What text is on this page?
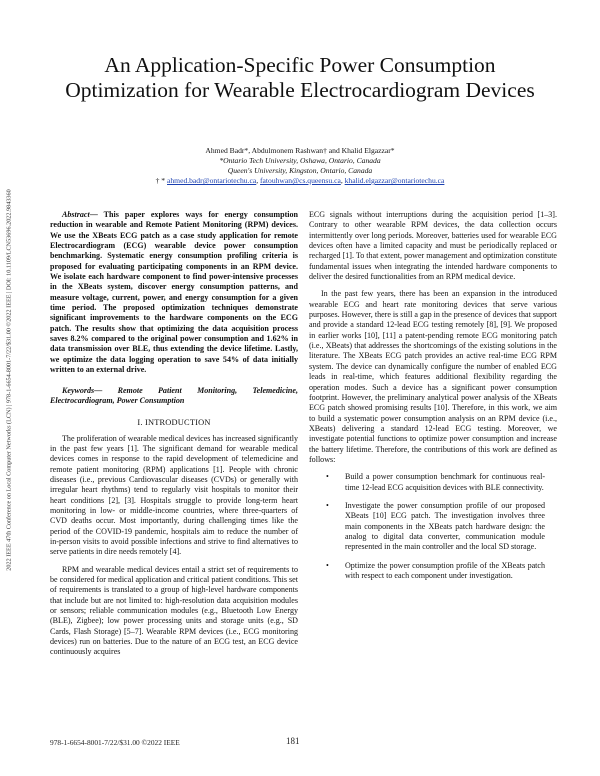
2022 IEEE 47th Conference on Local Computer Networks (LCN) | 978-1-6654-8001-7/22/$31.00 ©2022 IEEE | DOI: 10.1109/LCN53696.2022.9843360
An Application-Specific Power Consumption Optimization for Wearable Electrocardiogram Devices
Ahmed Badr*, Abdulmonem Rashwan† and Khalid Elgazzar*
*Ontario Tech University, Oshawa, Ontario, Canada
Queen's University, Kingston, Ontario, Canada
† * ahmed.badr@ontariotechu.ca, fatouhwan@cs.queensu.ca, khalid.elgazzar@ontariotechu.ca

Abstract— This paper explores ways for energy consumption reduction in wearable and Remote Patient Monitoring (RPM) devices. We use the XBeats ECG patch as a case study application for remote Electrocardiogram (ECG) wearable device power consumption benchmarking. Systematic energy consumption profiling criteria is proposed for evaluating participating components in an RPM device. We isolate each hardware component to find power-intensive processes in the XBeats system, discover energy consumption patterns, and measure voltage, current, power, and energy consumption for a given time period. The proposed optimization techniques demonstrate significant improvements to the hardware components on the ECG patch. The results show that optimizing the data acquisition process saves 8.2% compared to the original power consumption and 1.62% in data transmission over BLE, thus extending the device lifetime. Lastly, we optimize the data logging operation to save 54% of data initially written to an external drive.

Keywords— Remote Patient Monitoring, Telemedicine, Electrocardiogram, Power Consumption

I. INTRODUCTION

The proliferation of wearable medical devices has increased significantly in the past few years [1]. The significant demand for wearable medical devices comes in response to the rapid development of telemedicine and remote patient monitoring (RPM) applications [1]. People with chronic diseases (i.e., previous Cardiovascular diseases (CVDs) or generally with irregular heart rhythms) tend to regularly visit hospitals to monitor their heart conditions [2], [3]. Hospitals struggle to provide long-term heart monitoring in low- or middle-income countries, where three-quarters of CVD deaths occur. Most importantly, during challenging times like the period of the COVID-19 pandemic, hospitals aim to reduce the number of in-person visits to avoid possible infections and strive to find alternatives to serve patients in dire needs remotely [4].

RPM and wearable medical devices entail a strict set of requirements to be considered for medical application and critical patient conditions. This set of requirements is translated to a group of high-level hardware components that include but are not limited to: high-resolution data acquisition modules or sensors; reliable communication modules (e.g., Bluetooth Low Energy (BLE), Zigbee); low power processing units and storage units (e.g., SD Cards, Flash Storage) [5–7]. Wearable RPM devices (i.e., ECG monitoring devices) run on batteries. Due to the nature of an ECG test, an ECG device continuously acquires

ECG signals without interruptions during the acquisition period [1–3]. Contrary to other wearable RPM devices, the data collection occurs intermittently over long periods. Moreover, batteries used for wearable ECG devices often have a limited capacity and must be periodically replaced or recharged [1]. To that extent, power management and optimization constitute fundamental issues when integrating the intended hardware components to deliver the desired functionalities from an RPM medical device.

In the past few years, there has been an expansion in the introduced wearable ECG and heart rate monitoring devices that serve various purposes. However, there is still a gap in the presence of devices that support and provide a standard 12-lead ECG testing remotely [8], [9]. We proposed in earlier works [10], [11] a patent-pending remote ECG monitoring patch (i.e., XBeats) that addresses the shortcomings of the existing solutions in the literature. The XBeats ECG patch provides an active real-time ECG RPM system. The device can dynamically configure the number of enabled ECG leads in real-time, which features additional flexibility regarding the operation modes. Such a device has a significant power consumption footprint. However, the preliminary analytical power analysis of the XBeats ECG patch showed promising results [10]. Therefore, in this work, we aim to build a systematic power consumption analysis on an RPM device (i.e., XBeats) delivering a standard 12-lead ECG testing. Moreover, we investigate potential functions to optimize power consumption and increase the battery lifetime. Therefore, the contributions of this work are defined as follows:

• Build a power consumption benchmark for continuous real-time 12-lead ECG acquisition devices with BLE connectivity.
• Investigate the power consumption profile of our proposed XBeats [10] ECG patch. The investigation involves three main components in the XBeats patch hardware design: the analog to digital data converter, communication module represented in the main controller and the local SD storage.
• Optimize the power consumption profile of the XBeats patch with respect to each component under investigation.
978-1-6654-8001-7/22/$31.00 ©2022 IEEE	181
